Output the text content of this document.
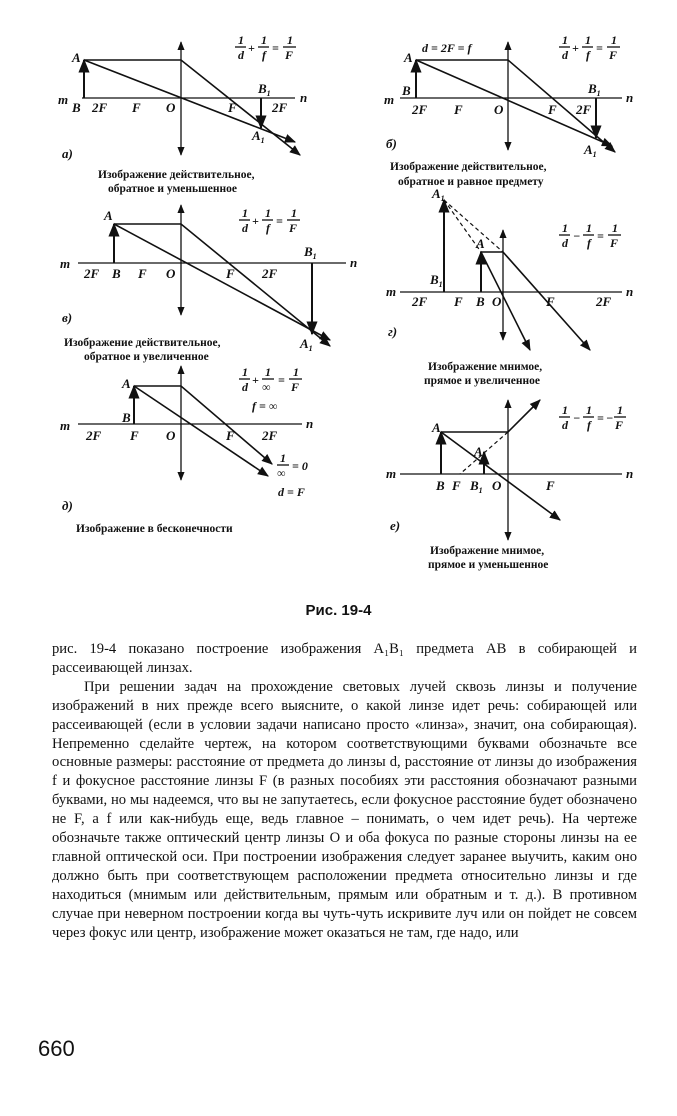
A
m
B 2F F O	F
$B_1$
2F
n
$A_1$
1
d +
1
f =
1
F
а)
Изображение действительное,
обратное и уменьшенное
A
m
B
2F F O	F
$B_1$
2F
n
$A_1$
d = 2F = f
1
d +
1
f =
1
F
б)
Изображение действительное,
обратное и равное предмету
A
m
2F B F O	F 2F
$B_1$	n
$A_1$
1
d +
1
f =
1
F
в)
Изображение действительное,
обратное и увеличенное
$A_1$
A
$B_1$
m
2F F B O	F	2F
n
1
d −
1
f =
1
F
г)
Изображение мнимое,
прямое и увеличенное
A
B
m
2F F O	F 2F
n
1
d +
1
∞ =
1
F
f = ∞
1
∞ = 0
d = F
д)
Изображение в бесконечности
A
$A_1$
m
B F $B_1$ O	F
n
1
d −
1
f = −
1
F
е)
Изображение мнимое,
прямое и уменьшенное
Рис. 19-4

рис. 19-4 показано построение изображения A₁B₁ предмета AB в собирающей и рассеивающей линзах.

При решении задач на прохождение световых лучей сквозь линзы и получение изображений в них прежде всего выясните, о какой линзе идет речь: собирающей или рассеивающей (если в условии задачи написано просто «линза», значит, она собирающая). Непременно сделайте чертеж, на котором соответствующими буквами обозначьте все основные размеры: расстояние от предмета до линзы d, расстояние от линзы до изображения f и фокусное расстояние линзы F (в разных пособиях эти расстояния обозначают разными буквами, но мы надеемся, что вы не запутаетесь, если фокусное расстояние будет обозначено не F, а f или как-нибудь еще, ведь главное – понимать, о чем идет речь). На чертеже обозначьте также оптический центр линзы O и оба фокуса по разные стороны линзы на ее главной оптической оси. При построении изображения следует заранее выучить, каким оно должно быть при соответствующем расположении предмета относительно линзы и где находиться (мнимым или действительным, прямым или обратным и т. д.). В противном случае при неверном построении когда вы чуть-чуть искривите луч или он пойдет не совсем через фокус или центр, изображение может оказаться не там, где надо, или

660
